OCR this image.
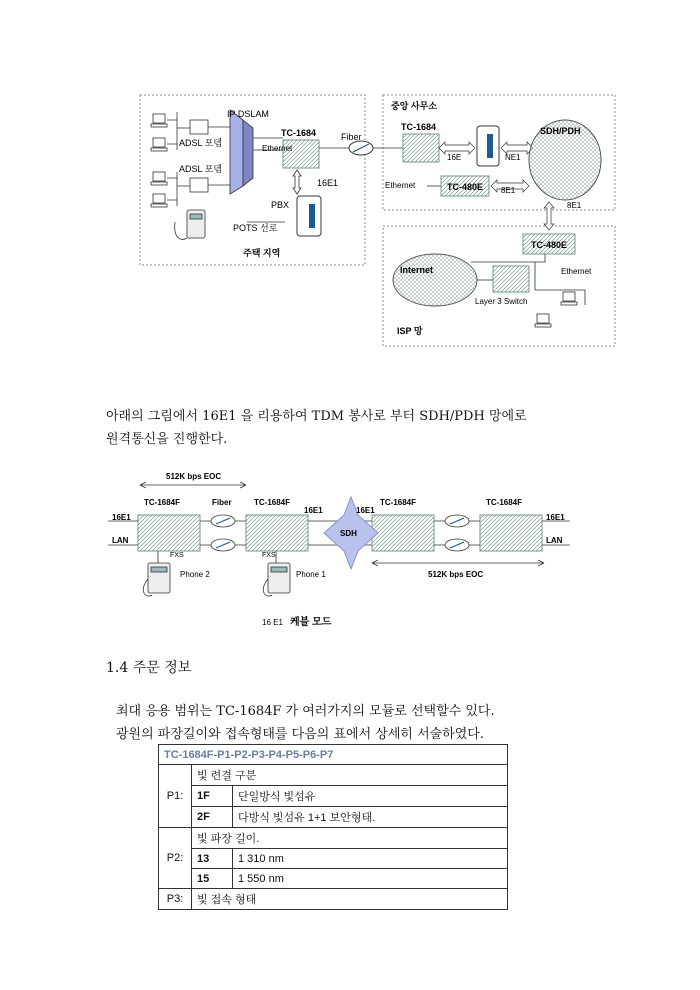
ADSL 포뎀
ADSL 포뎀
IP DSLAM
TC-1684
Ethernet
16E1
PBX
POTS 선로
주택 지역
Fiber
중앙 사무소
TC-1684
16E	NE1
SDH/PDH
Ethernet	TC-480E 8E1
8E1
TC-480E
Internet
Layer 3 Switch
Ethernet
ISP 망
아래의 그림에서 16E1 을 리용하여 TDM 봉사로 부터 SDH/PDH 망에로
원격통신을 진행한다.
512K bps EOC
TC-1684F	Fiber	TC-1684F	TC-1684F	TC-1684F
SDH
16E1	16E1
16E1
LAN
16E1
LAN
FXS	FXS
Phone 2	Phone 1	512K bps EOC
16 E1 케블 모드
1.4 주문 정보
최대 응용 범위는 TC-1684F 가 여러가지의 모듈로 선택할수 있다.
광원의 파장길이와 접속형태를 다음의 표에서 상세히 서술하였다.
TC-1684F-P1-P2-P3-P4-P5-P6-P7		
P1:	빛 련결 구분	
	1F	단일방식 빛섬유
	2F	다방식 빛섬유 1+1 보안형태.
P2:	빛 파장 길이.	
	13	1 310 nm
	15	1 550 nm
P3:	빛 접속 형태	
